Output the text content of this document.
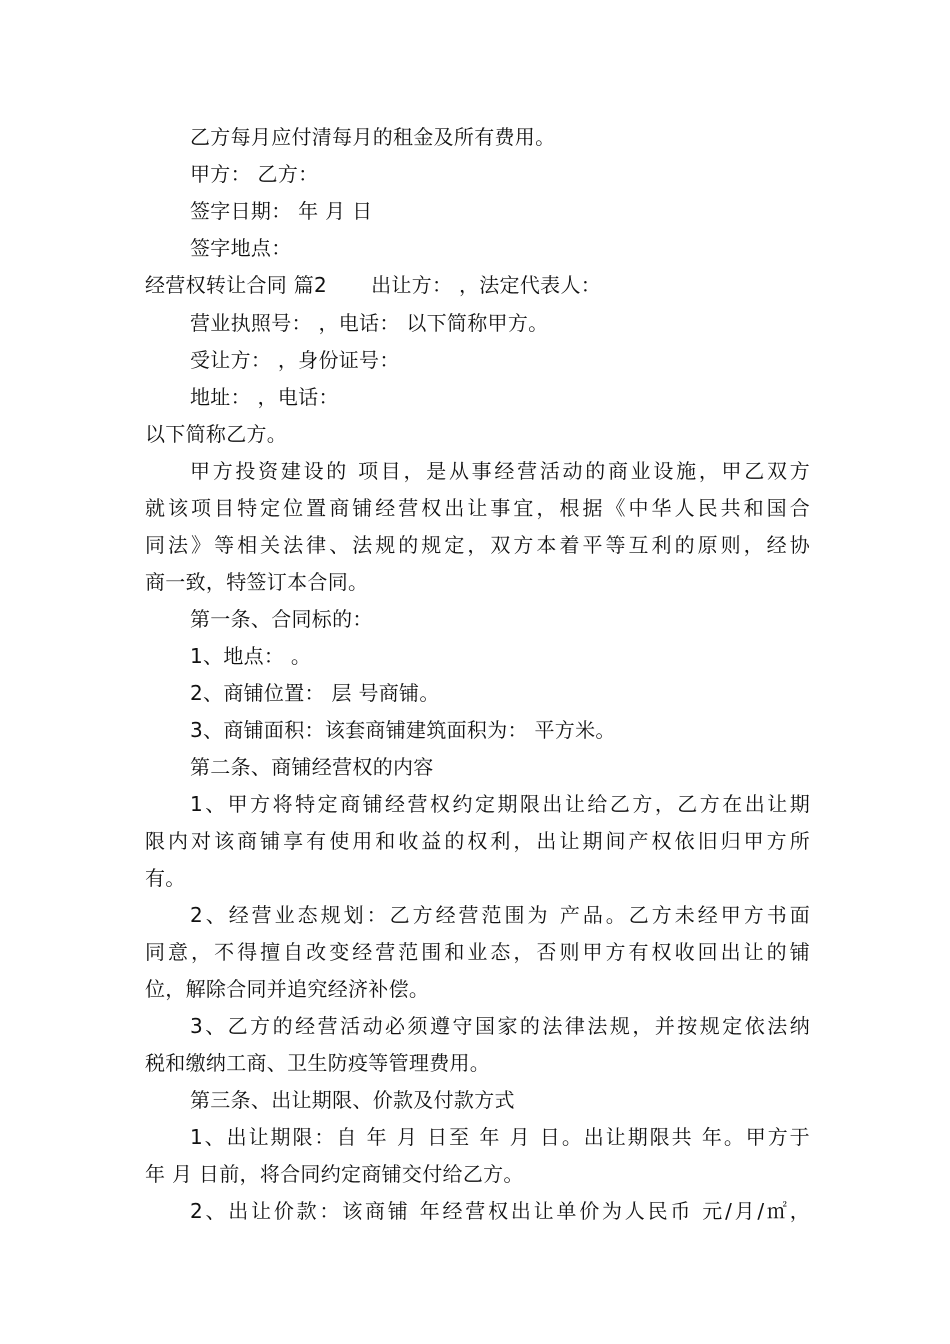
乙方每月应付清每月的租金及所有费用。
甲方： 乙方：
签字日期： 年 月 日
签字地点：
经营权转让合同 篇2 出让方： ，法定代表人：
营业执照号： ，电话： 以下简称甲方。
受让方： ，身份证号：
地址： ，电话：
以下简称乙方。
甲方投资建设的 项目，是从事经营活动的商业设施，甲乙双方
就该项目特定位置商铺经营权出让事宜，根据《中华人民共和国合
同法》等相关法律、法规的规定，双方本着平等互利的原则，经协
商一致，特签订本合同。
第一条、合同标的：
1、地点： 。
2、商铺位置： 层 号商铺。
3、商铺面积：该套商铺建筑面积为： 平方米。
第二条、商铺经营权的内容
1、甲方将特定商铺经营权约定期限出让给乙方，乙方在出让期
限内对该商铺享有使用和收益的权利，出让期间产权依旧归甲方所
有。
2、经营业态规划：乙方经营范围为 产品。乙方未经甲方书面
同意，不得擅自改变经营范围和业态，否则甲方有权收回出让的铺
位，解除合同并追究经济补偿。
3、乙方的经营活动必须遵守国家的法律法规，并按规定依法纳
税和缴纳工商、卫生防疫等管理费用。
第三条、出让期限、价款及付款方式
1、出让期限：自 年 月 日至 年 月 日。出让期限共 年。甲方于
年 月 日前，将合同约定商铺交付给乙方。
2、出让价款：该商铺 年经营权出让单价为人民币 元/月/㎡，
